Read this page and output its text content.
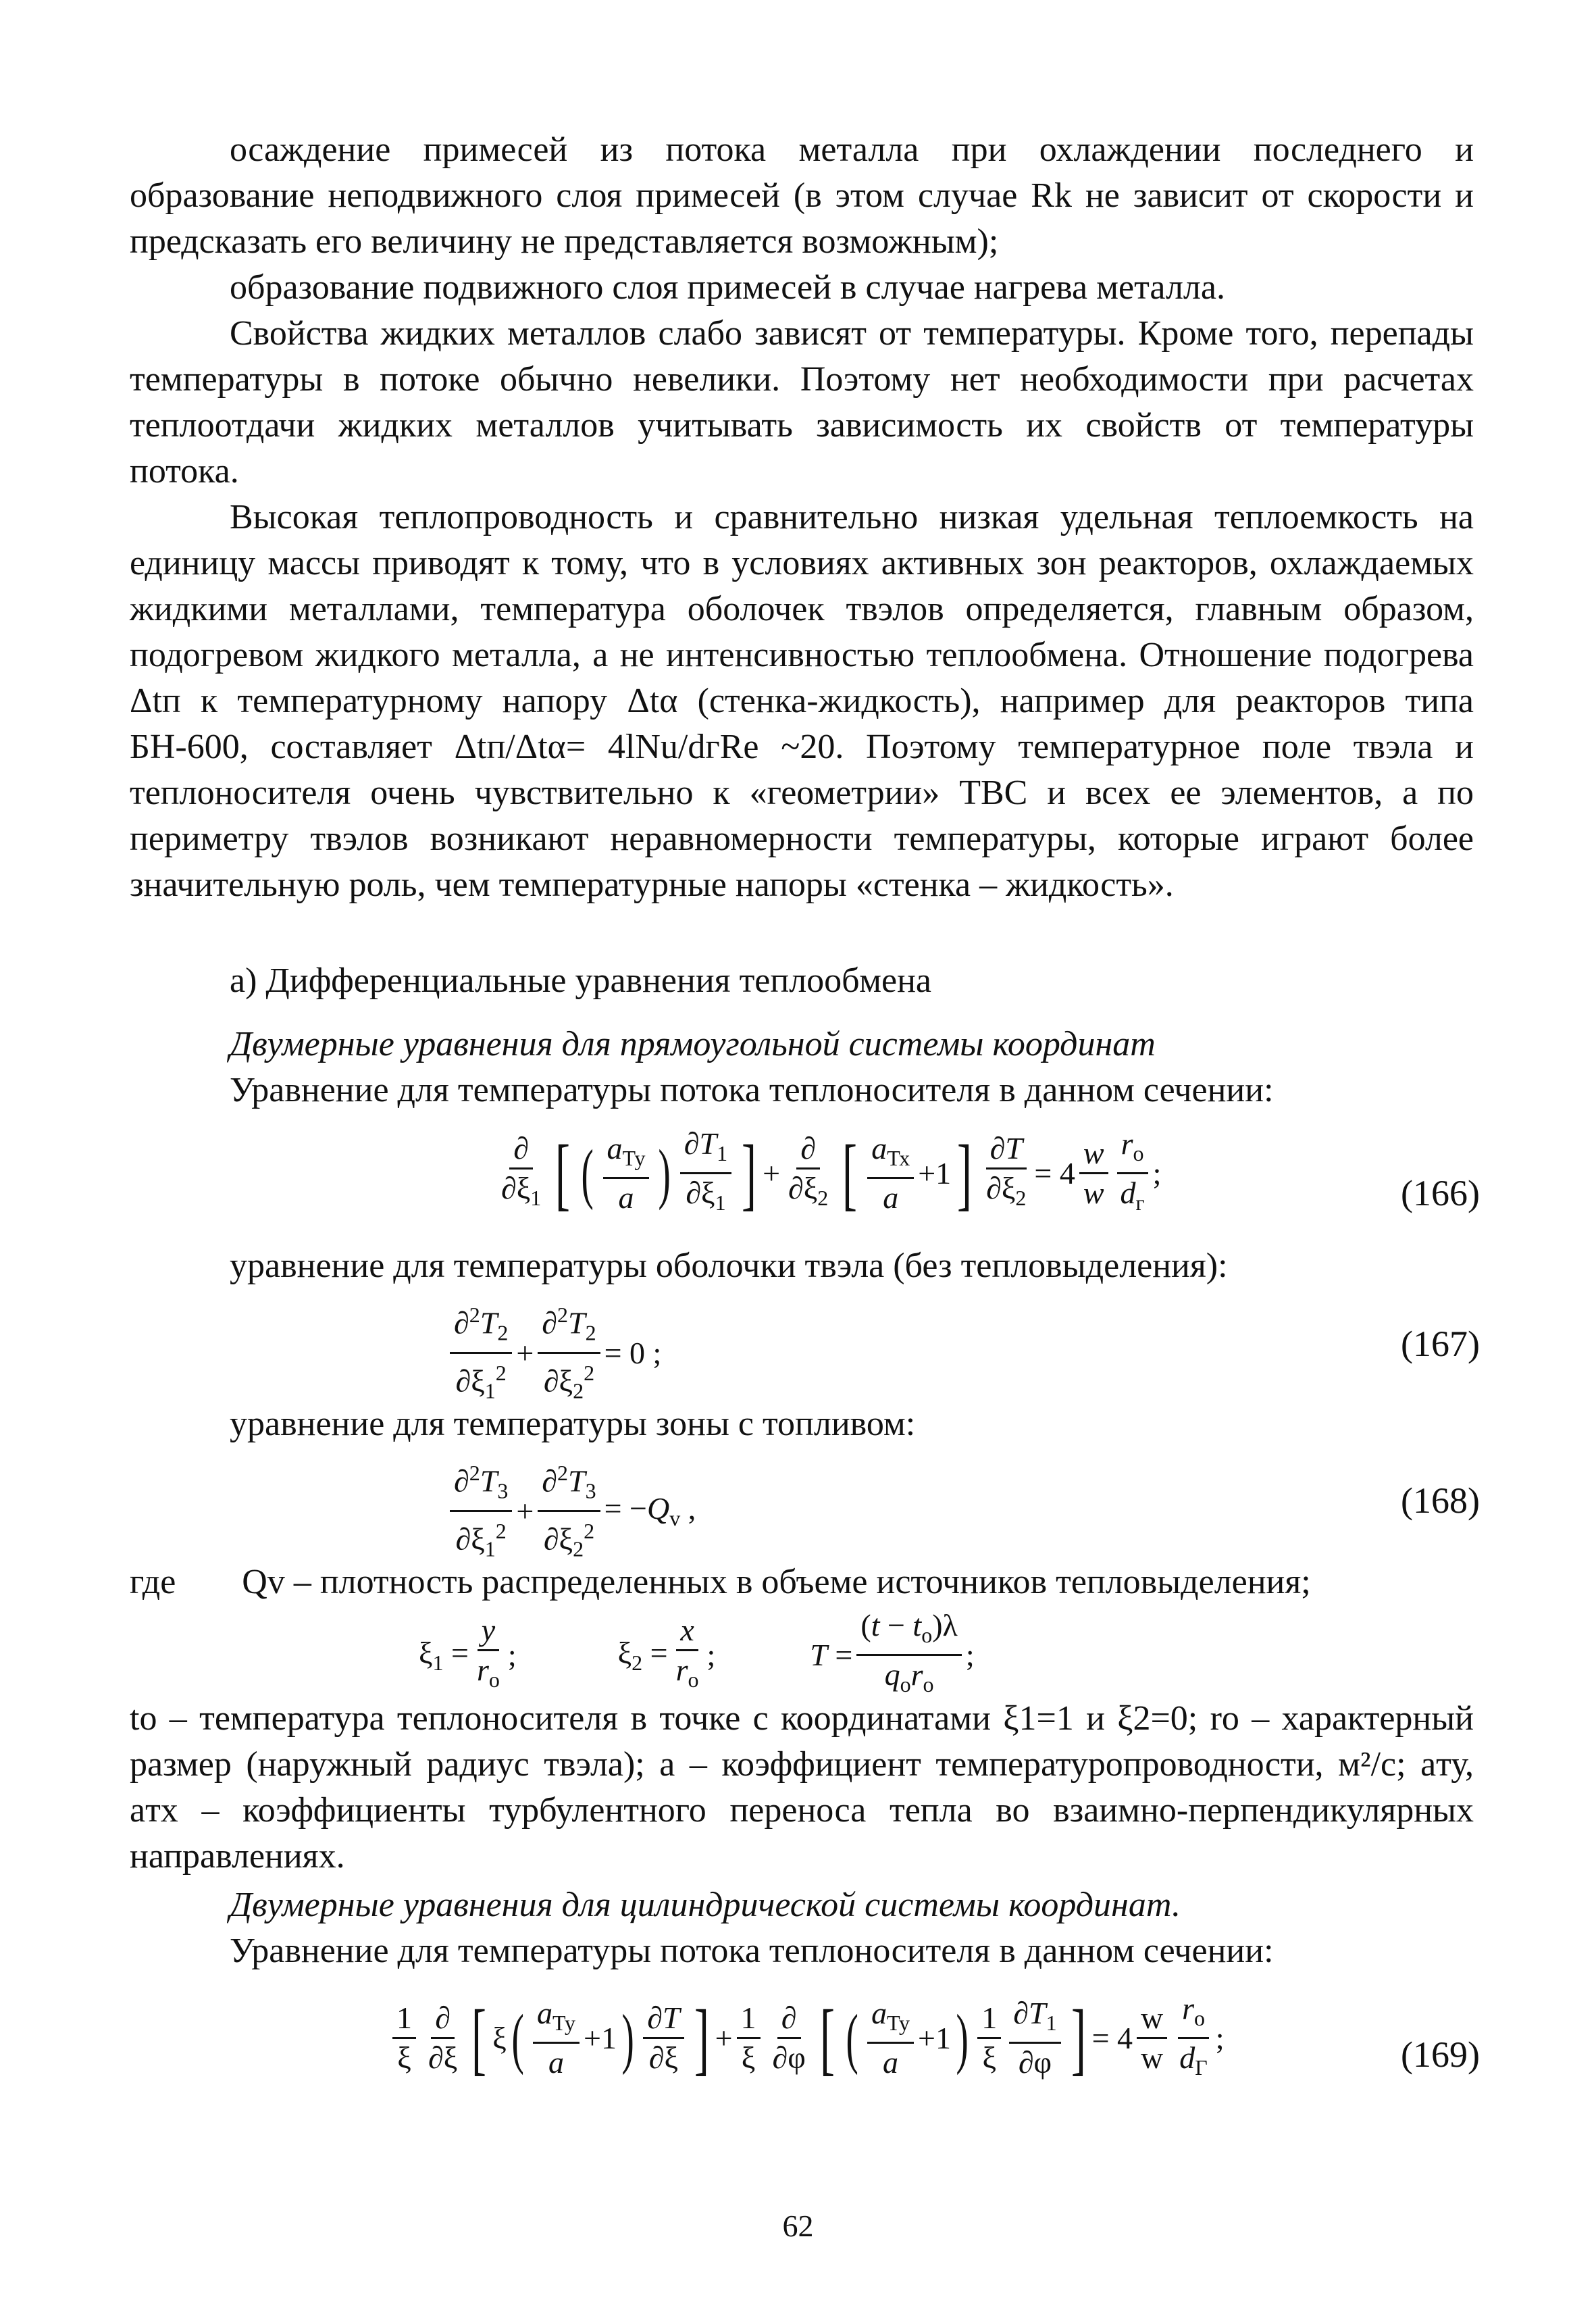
осаждение примесей из потока металла при охлаждении последнего и образование неподвижного слоя примесей (в этом случае Rk не зависит от скорости и предсказать его величину не представляется возможным);

образование подвижного слоя примесей в случае нагрева металла.

Свойства жидких металлов слабо зависят от температуры. Кроме того, перепады температуры в потоке обычно невелики. Поэтому нет необходимости при расчетах теплоотдачи жидких металлов учитывать зависимость их свойств от температуры потока.

Высокая теплопроводность и сравнительно низкая удельная теплоемкость на единицу массы приводят к тому, что в условиях активных зон реакторов, охлаждаемых жидкими металлами, температура оболочек твэлов определяется, главным образом, подогревом жидкого металла, а не интенсивностью теплообмена. Отношение подогрева Δtп к температурному напору Δtα (стенка-жидкость), например для реакторов типа БН-600, составляет Δtп/Δtα= 4lNu/dгRe ~20. Поэтому температурное поле твэла и теплоносителя очень чувствительно к «геометрии» ТВС и всех ее элементов, а по периметру твэлов возникают неравномерности температуры, которые играют более значительную роль, чем температурные напоры «стенка – жидкость».

а) Дифференциальные уравнения теплообмена

Двумерные уравнения для прямоугольной системы координат

Уравнение для температуры потока теплоносителя в данном сечении:

$\frac{\partial}{\partial\xi_1}$ [ ( $\frac{a_{Ту}}{a}$ ) $\frac{\partial T_1}{\partial\xi_1}$ ] + $\frac{\partial}{\partial\xi_2}$ [ $\frac{a_{Тх}}{a} +1$ ] $\frac{\partial T}{\partial\xi_2} = 4 \frac{w}{w} \frac{r_o}{d_г}$ ;	(166)

уравнение для температуры оболочки твэла (без тепловыделения):

$\frac{\partial^2T_2}{\partial\xi_1^2} + \frac{\partial^2T_2}{\partial\xi_2^2} = 0$ ;	(167)

уравнение для температуры зоны с топливом:

$\frac{\partial^2T_3}{\partial\xi_1^2} + \frac{\partial^2T_3}{\partial\xi_2^2} = -Q_v$ ,	(168)
где Qv – плотность распределенных в объеме источников тепловыделения;
$\xi_1 = \frac{y}{r_o}$ ;	$\xi_2 = \frac{x}{r_o}$ ;	$T = \frac{(t - t_o)\lambda}{q_or_o}$ ;

to – температура теплоносителя в точке с координатами ξ1=1 и ξ2=0; ro – характерный размер (наружный радиус твэла); a – коэффициент температуропроводности, м²/с; aту, aтх – коэффициенты турбулентного переноса тепла во взаимно-перпендикулярных направлениях.

Двумерные уравнения для цилиндрической системы координат.

Уравнение для температуры потока теплоносителя в данном сечении:

$\frac{1}{\xi} \frac{\partial}{\partial\xi}$ [ ξ ( $\frac{a_{Ту}}{a} +1$ ) $\frac{\partial T}{\partial\xi}$ ] + $\frac{1}{\xi} \frac{\partial}{\partial\varphi}$ [ ( $\frac{a_{Ту}}{a} +1$ ) $\frac{1}{\xi} \frac{\partial T_1}{\partial\varphi}$ ] = $4 \frac{w}{w} \frac{r_o}{d_Г}$ ;	(169)
62
